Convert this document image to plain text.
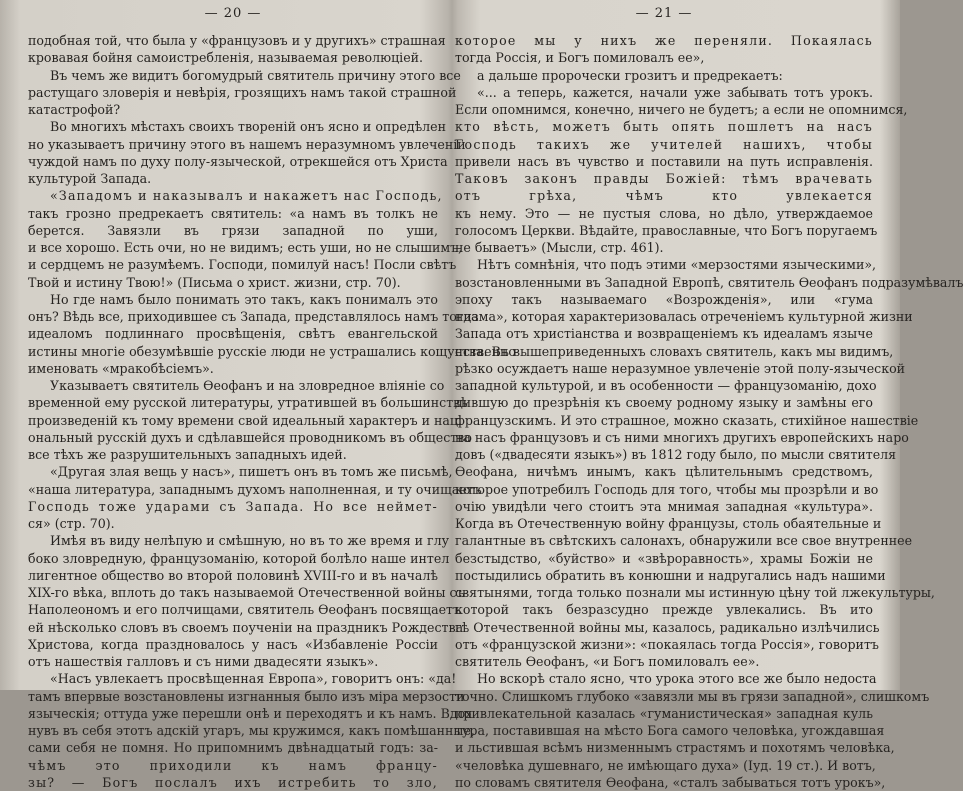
— 20 —
подобная той, что была у «французовъ и у другихъ» страшная
кровавая бойня самоистребленія, называемая революціей.
Въ чемъ же видитъ богомудрый святитель причину этого все
растущаго зловерія и невѣрія, грозящихъ намъ такой страшной
катастрофой?
Во многихъ мѣстахъ своихъ твореній онъ ясно и опредѣлен
но указываетъ причину этого въ нашемъ неразумномъ увлеченіи
чуждой намъ по духу полу-языческой, отрекшейся отъ Христа
культурой Запада.
«Западомъ и наказывалъ и накажетъ нас Господь,
такъ грозно предрекаетъ святитель: «а намъ въ толкъ не
берется. Завязли въ грязи западной по уши,
и все хорошо. Есть очи, но не видимъ; есть уши, но не слышимъ,
и сердцемъ не разумѣемъ. Господи, помилуй насъ! Посли свѣтъ
Твой и истину Твою!» (Письма о христ. жизни, стр. 70).
Но где намъ было понимать это такъ, какъ понималъ это
онъ? Вѣдь все, приходившее съ Запада, представлялось намъ тогда
идеаломъ подлиннаго просвѣщенія, свѣтъ евангельской
истины многіе обезумѣвшіе русскіе люди не устрашались кощунственно
именовать «мракобѣсіемъ».
Указываетъ святитель Ѳеофанъ и на зловредное вліяніе со
временной ему русской литературы, утратившей въ большинствѣ
произведеній къ тому времени свой идеальный характеръ и наці
ональный русскій духъ и сдѣлавшейся проводникомъ въ общество
все тѣхъ же разрушительныхъ западныхъ идей.
«Другая злая вещь у насъ», пишетъ онъ въ томъ же письмѣ,
«наша литература, западнымъ духомъ наполненная, и ту очищаетъ
Господь тоже ударами съ Запада. Но все неймет-
ся» (стр. 70).
Имѣя въ виду нелѣпую и смѣшную, но въ то же время и глу
боко зловредную, французоманію, которой болѣло наше интел
лигентное общество во второй половинѣ XVIII-го и въ началѣ
XIX-го вѣка, вплоть до такъ называемой Отечественной войны съ
Наполеономъ и его полчищами, святитель Ѳеофанъ посвящаетъ
ей нѣсколько словъ въ своемъ поученіи на праздникъ Рождества
Христова, когда праздновалось у насъ «Избавленіе Россіи
отъ нашествія галловъ и съ ними двадесяти языкъ».
«Насъ увлекаетъ просвѣщенная Европа», говоритъ онъ: «да!
тамъ впервые возстановлены изгнанныя было изъ міра мерзости
языческія; оттуда уже перешли онѣ и переходятъ и къ намъ. Вдох
нувъ въ себя этотъ адскій угаръ, мы кружимся, какъ помѣшанные,
сами себя не помня. Но припомнимъ двѣнадцатый годъ: за-
чѣмъ это приходили къ намъ францу-
зы? — Богъ послалъ ихъ истребить то зло,
— 21 —
которое мы у нихъ же переняли. Покаялась
тогда Россія, и Богъ помиловалъ ее»,
а дальше пророчески грозитъ и предрекаетъ:
«... а теперь, кажется, начали уже забывать тотъ урокъ.
Если опомнимся, конечно, ничего не будетъ; а если не опомнимся,
кто вѣсть, можетъ быть опять пошлетъ на насъ
Господь такихъ же учителей нашихъ, чтобы
привели насъ въ чувство и поставили на путь исправленія.
Таковъ законъ правды Божіей: тѣмъ врачевать
отъ грѣха, чѣмъ кто увлекается
къ нему. Это — не пустыя слова, но дѣло, утверждаемое
голосомъ Церкви. Вѣдайте, православные, что Богъ поругаемъ
не бываетъ» (Мысли, стр. 461).
Нѣтъ сомнѣнія, что подъ этими «мерзостями языческими»,
возстановленными въ Западной Европѣ, святитель Ѳеофанъ подразумѣвалъ
эпоху такъ называемаго «Возрожденія», или «гума
низма», которая характеризовалась отреченіемъ культурной жизни
Запада отъ христіанства и возвращеніемъ къ идеаламъ языче
ства. Въ вышеприведенныхъ словахъ святитель, какъ мы видимъ,
рѣзко осуждаетъ наше неразумное увлеченіе этой полу-языческой
западной культурой, и въ особенности — французоманію, дохо
дившую до презрѣнія къ своему родному языку и замѣны его
французскимъ. И это страшное, можно сказать, стихійное нашествіе
на насъ французовъ и съ ними многихъ другихъ европейскихъ наро
довъ («двадесяти языкъ») въ 1812 году было, по мысли святителя
Ѳеофана, ничѣмъ инымъ, какъ цѣлительнымъ средствомъ,
которое употребилъ Господь для того, чтобы мы прозрѣли и во
очію увидѣли чего стоитъ эта мнимая западная «культура».
Когда въ Отечественную войну французы, столь обаятельные и
галантные въ свѣтскихъ салонахъ, обнаружили все свое внутреннее
безстыдство, «буйство» и «звѣроравность», храмы Божіи не
постыдились обратить въ конюшни и надругались надъ нашими
святынями, тогда только познали мы истинную цѣну той лжекультуры,
которой такъ безразсудно прежде увлекались. Въ ито
гѣ Отечественной войны мы, казалось, радикально излѣчились
отъ «французской жизни»: «покаялась тогда Россія», говоритъ
святитель Ѳеофанъ, «и Богъ помиловалъ ее».
Но вскорѣ стало ясно, что урока этого все же было недоста
точно. Слишкомъ глубоко «завязли мы въ грязи западной», слишкомъ
привлекательной казалась «гуманистическая» западная куль
тура, поставившая на мѣсто Бога самого человѣка, угождавшая
и льстившая всѣмъ низменнымъ страстямъ и похотямъ человѣка,
«человѣка душевнаго, не имѣющаго духа» (Iуд. 19 ст.). И вотъ,
по словамъ святителя Ѳеофана, «сталъ забываться тотъ урокъ»,
